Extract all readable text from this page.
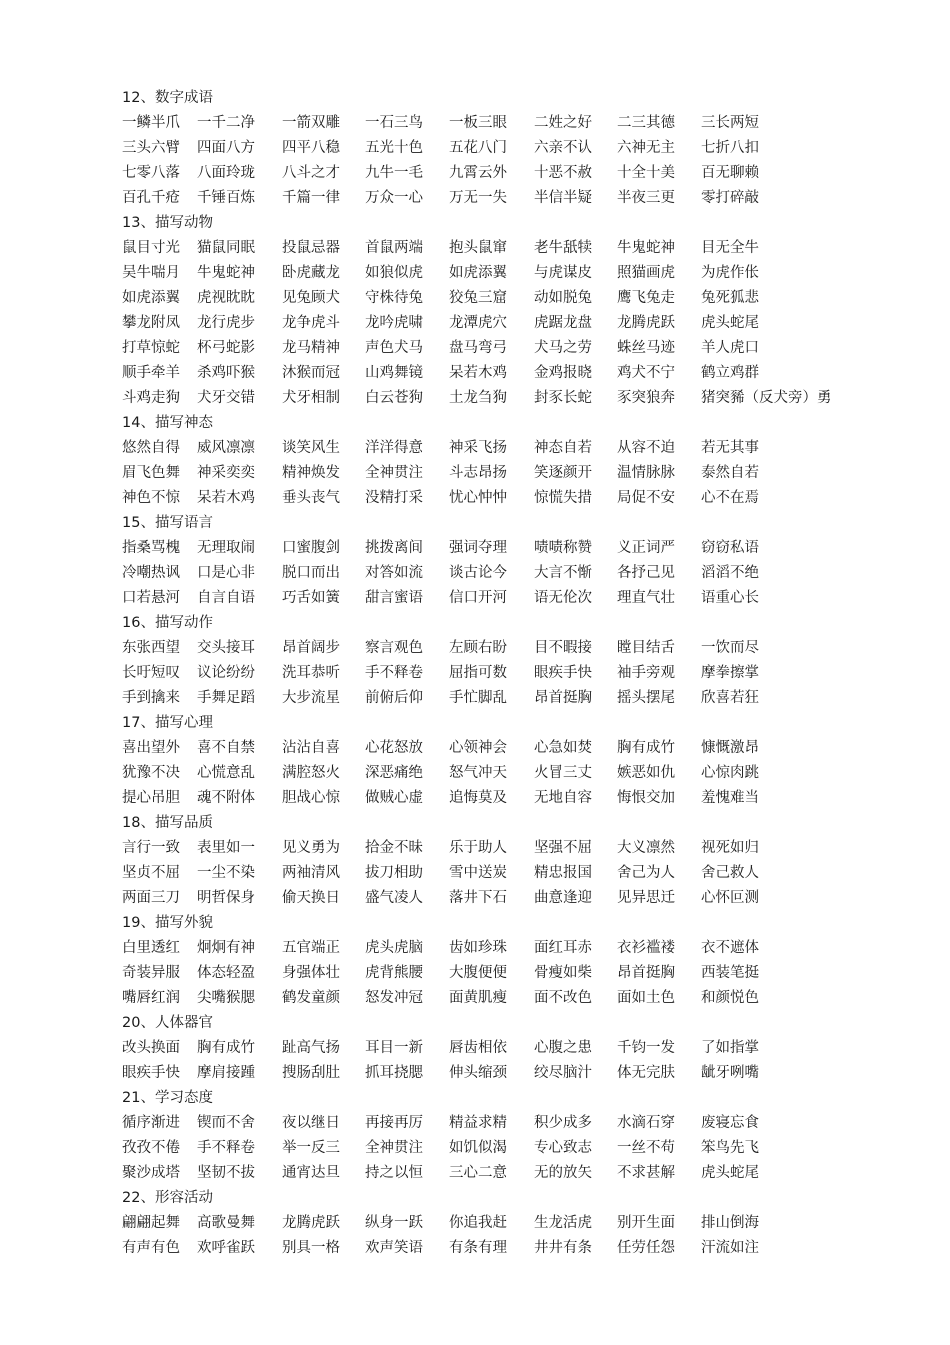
12、数字成语
一鳞半爪 一千二净 一箭双雕 一石三鸟 一板三眼 二姓之好 二三其德 三长两短
三头六臂 四面八方 四平八稳 五光十色 五花八门 六亲不认 六神无主 七折八扣
七零八落 八面玲珑 八斗之才 九牛一毛 九霄云外 十恶不赦 十全十美 百无聊赖
百孔千疮 千锤百炼 千篇一律 万众一心 万无一失 半信半疑 半夜三更 零打碎敲
13、描写动物
鼠目寸光 猫鼠同眠 投鼠忌器 首鼠两端 抱头鼠窜 老牛舐犊 牛鬼蛇神 目无全牛
吴牛喘月 牛鬼蛇神 卧虎藏龙 如狼似虎 如虎添翼 与虎谋皮 照猫画虎 为虎作伥
如虎添翼 虎视眈眈 见兔顾犬 守株待兔 狡兔三窟 动如脱兔 鹰飞兔走 兔死狐悲
攀龙附凤 龙行虎步 龙争虎斗 龙吟虎啸 龙潭虎穴 虎踞龙盘 龙腾虎跃 虎头蛇尾
打草惊蛇 杯弓蛇影 龙马精神 声色犬马 盘马弯弓 犬马之劳 蛛丝马迹 羊人虎口
顺手牵羊 杀鸡吓猴 沐猴而冠 山鸡舞镜 呆若木鸡 金鸡报晓 鸡犬不宁 鹤立鸡群
斗鸡走狗 犬牙交错 犬牙相制 白云苍狗 土龙刍狗 封豕长蛇 豕突狼奔 猪突豨（反犬旁）勇
14、描写神态
悠然自得 威风凛凛 谈笑风生 洋洋得意 神采飞扬 神态自若 从容不迫 若无其事
眉飞色舞 神采奕奕 精神焕发 全神贯注 斗志昂扬 笑逐颜开 温情脉脉 泰然自若
神色不惊 呆若木鸡 垂头丧气 没精打采 忧心忡忡 惊慌失措 局促不安 心不在焉
15、描写语言
指桑骂槐 无理取闹 口蜜腹剑 挑拨离间 强词夺理 啧啧称赞 义正词严 窃窃私语
冷嘲热讽 口是心非 脱口而出 对答如流 谈古论今 大言不惭 各抒己见 滔滔不绝
口若悬河 自言自语 巧舌如簧 甜言蜜语 信口开河 语无伦次 理直气壮 语重心长
16、描写动作
东张西望 交头接耳 昂首阔步 察言观色 左顾右盼 目不暇接 瞠目结舌 一饮而尽
长吁短叹 议论纷纷 洗耳恭听 手不释卷 屈指可数 眼疾手快 袖手旁观 摩拳擦掌
手到擒来 手舞足蹈 大步流星 前俯后仰 手忙脚乱 昂首挺胸 摇头摆尾 欣喜若狂
17、描写心理
喜出望外 喜不自禁 沾沾自喜 心花怒放 心领神会 心急如焚 胸有成竹 慷慨激昂
犹豫不决 心慌意乱 满腔怒火 深恶痛绝 怒气冲天 火冒三丈 嫉恶如仇 心惊肉跳
提心吊胆 魂不附体 胆战心惊 做贼心虚 追悔莫及 无地自容 悔恨交加 羞愧难当
18、描写品质
言行一致 表里如一 见义勇为 拾金不昧 乐于助人 坚强不屈 大义凛然 视死如归
坚贞不屈 一尘不染 两袖清风 拔刀相助 雪中送炭 精忠报国 舍己为人 舍己救人
两面三刀 明哲保身 偷天换日 盛气凌人 落井下石 曲意逢迎 见异思迁 心怀叵测
19、描写外貌
白里透红 炯炯有神 五官端正 虎头虎脑 齿如珍珠 面红耳赤 衣衫褴褛 衣不遮体
奇装异服 体态轻盈 身强体壮 虎背熊腰 大腹便便 骨瘦如柴 昂首挺胸 西装笔挺
嘴唇红润 尖嘴猴腮 鹤发童颜 怒发冲冠 面黄肌瘦 面不改色 面如土色 和颜悦色
20、人体器官
改头换面 胸有成竹 趾高气扬 耳目一新 唇齿相依 心腹之患 千钧一发 了如指掌
眼疾手快 摩肩接踵 搜肠刮肚 抓耳挠腮 伸头缩颈 绞尽脑汁 体无完肤 龇牙咧嘴
21、学习态度
循序渐进 锲而不舍 夜以继日 再接再厉 精益求精 积少成多 水滴石穿 废寝忘食
孜孜不倦 手不释卷 举一反三 全神贯注 如饥似渴 专心致志 一丝不苟 笨鸟先飞
聚沙成塔 坚韧不拔 通宵达旦 持之以恒 三心二意 无的放矢 不求甚解 虎头蛇尾
22、形容活动
翩翩起舞 高歌曼舞 龙腾虎跃 纵身一跃 你追我赶 生龙活虎 别开生面 排山倒海
有声有色 欢呼雀跃 别具一格 欢声笑语 有条有理 井井有条 任劳任怨 汗流如注
